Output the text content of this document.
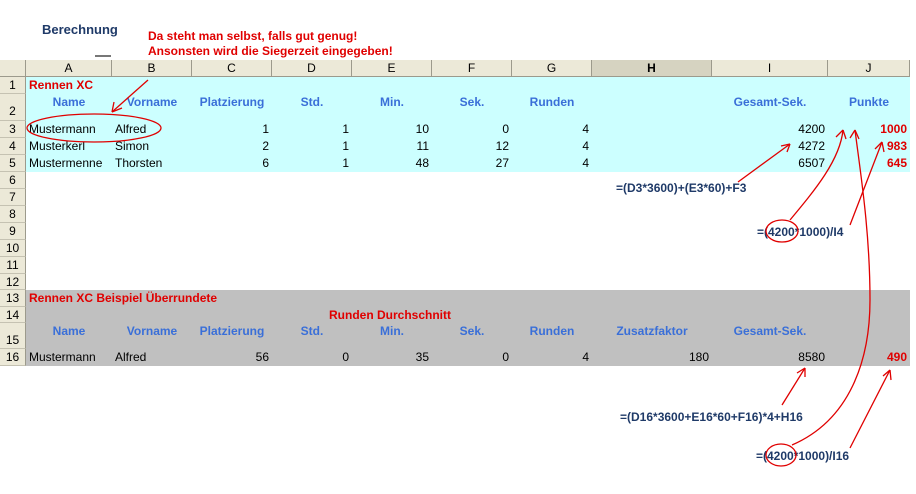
Berechnung	Da steht man selbst, falls gut genug!
Ansonsten wird die Siegerzeit eingegeben!
A	B	C	D	E	F	G	H	I	J
1
2
3
4
5
6
7
8
9
10
11
12
13
14
15
16
Rennen XC
Name	Vorname	Platzierung	Std.	Min.	Sek.	Runden	Gesamt-Sek.	Punkte
Mustermann	Alfred	1	1	10	0	4	4200	1000
Musterkerl	Simon	2	1	11	12	4	4272	983
Mustermenne	Thorsten	6	1	48	27	4	6507	645
Rennen XC Beispiel Überrundete
Runden Durchschnitt
Name	Vorname	Platzierung	Std.	Min.	Sek.	Runden	Zusatzfaktor	Gesamt-Sek.
Mustermann	Alfred	56	0	35	0	4	180	8580	490
=(D3*3600)+(E3*60)+F3
=(4200*1000)/I4
=(D16*3600+E16*60+F16)*4+H16
=(4200*1000)/I16
